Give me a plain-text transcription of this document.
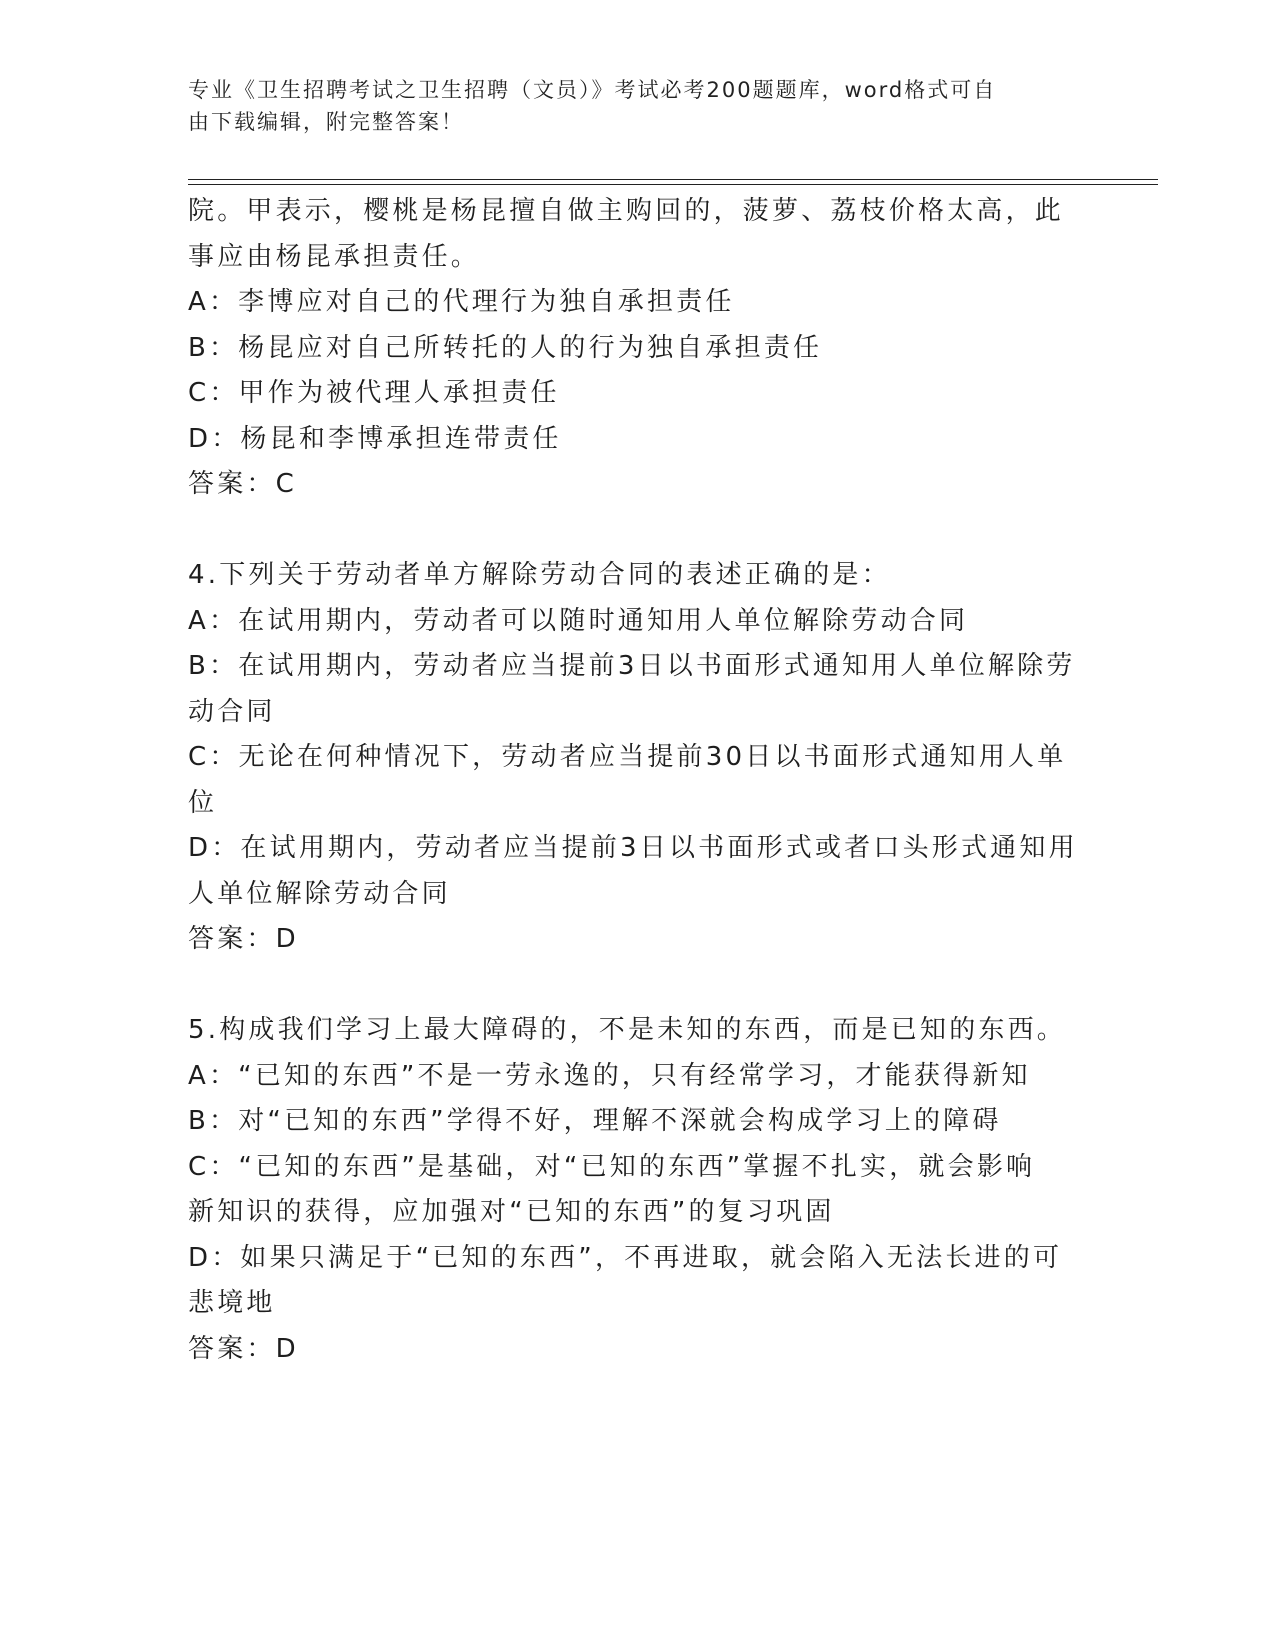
专业《卫生招聘考试之卫生招聘（文员）》考试必考200题题库，word格式可自
由下载编辑，附完整答案！
院。甲表示，樱桃是杨昆擅自做主购回的，菠萝、荔枝价格太高，此
事应由杨昆承担责任。
A：李博应对自己的代理行为独自承担责任
B：杨昆应对自己所转托的人的行为独自承担责任
C：甲作为被代理人承担责任
D：杨昆和李博承担连带责任
答案：C
4.下列关于劳动者单方解除劳动合同的表述正确的是：
A：在试用期内，劳动者可以随时通知用人单位解除劳动合同
B：在试用期内，劳动者应当提前3日以书面形式通知用人单位解除劳
动合同
C：无论在何种情况下，劳动者应当提前30日以书面形式通知用人单
位
D：在试用期内，劳动者应当提前3日以书面形式或者口头形式通知用
人单位解除劳动合同
答案：D
5.构成我们学习上最大障碍的，不是未知的东西，而是已知的东西。
A：“已知的东西”不是一劳永逸的，只有经常学习，才能获得新知
B：对“已知的东西”学得不好，理解不深就会构成学习上的障碍
C：“已知的东西”是基础，对“已知的东西”掌握不扎实，就会影响
新知识的获得，应加强对“已知的东西”的复习巩固
D：如果只满足于“已知的东西”，不再进取，就会陷入无法长进的可
悲境地
答案：D
